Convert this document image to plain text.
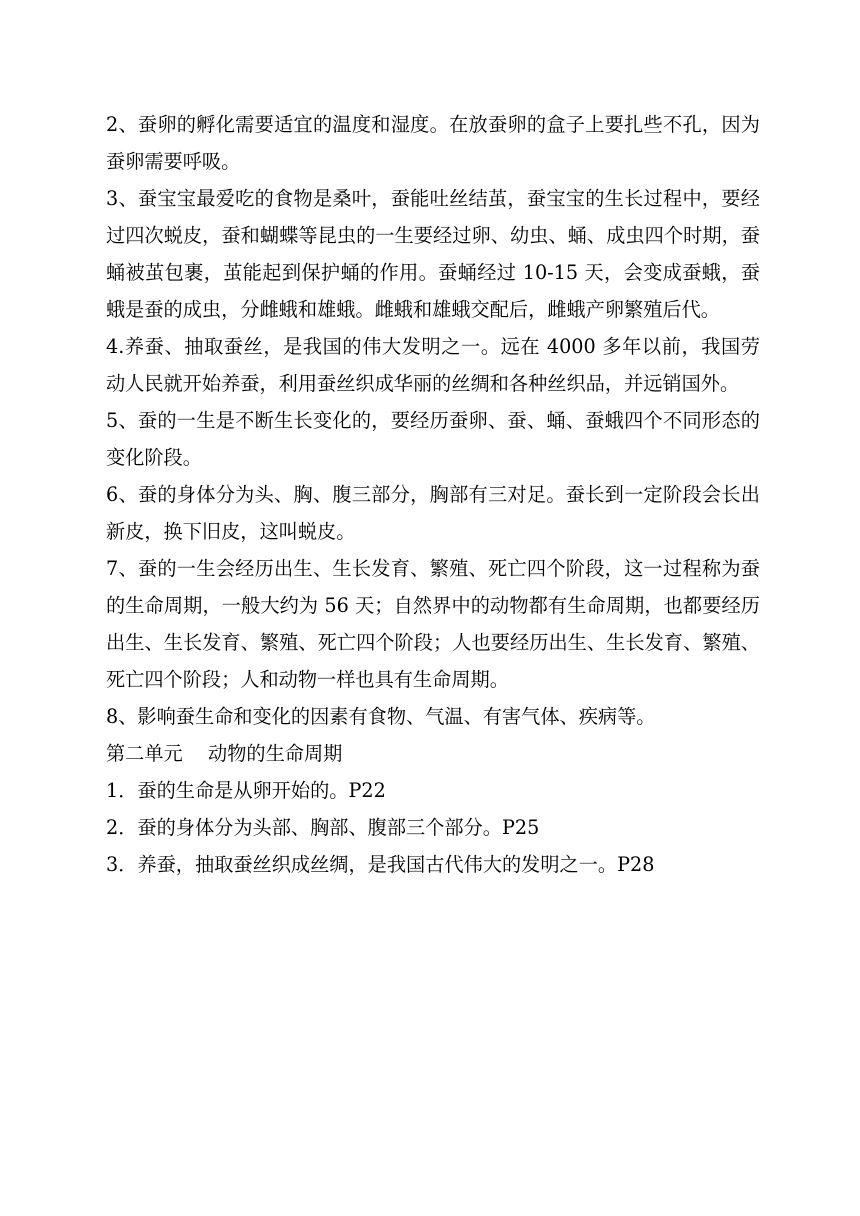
2、蚕卵的孵化需要适宜的温度和湿度。在放蚕卵的盒子上要扎些不孔，因为蚕卵需要呼吸。

3、蚕宝宝最爱吃的食物是桑叶，蚕能吐丝结茧，蚕宝宝的生长过程中，要经过四次蜕皮，蚕和蝴蝶等昆虫的一生要经过卵、幼虫、蛹、成虫四个时期，蚕蛹被茧包裹，茧能起到保护蛹的作用。蚕蛹经过 10-15 天，会变成蚕蛾，蚕蛾是蚕的成虫，分雌蛾和雄蛾。雌蛾和雄蛾交配后，雌蛾产卵繁殖后代。

4.养蚕、抽取蚕丝，是我国的伟大发明之一。远在 4000 多年以前，我国劳动人民就开始养蚕，利用蚕丝织成华丽的丝绸和各种丝织品，并远销国外。

5、蚕的一生是不断生长变化的，要经历蚕卵、蚕、蛹、蚕蛾四个不同形态的变化阶段。

6、蚕的身体分为头、胸、腹三部分，胸部有三对足。蚕长到一定阶段会长出新皮，换下旧皮，这叫蜕皮。

7、蚕的一生会经历出生、生长发育、繁殖、死亡四个阶段，这一过程称为蚕的生命周期，一般大约为 56 天；自然界中的动物都有生命周期，也都要经历出生、生长发育、繁殖、死亡四个阶段；人也要经历出生、生长发育、繁殖、死亡四个阶段；人和动物一样也具有生命周期。

8、影响蚕生命和变化的因素有食物、气温、有害气体、疾病等。

第二单元　 动物的生命周期

1．蚕的生命是从卵开始的。P22

2．蚕的身体分为头部、胸部、腹部三个部分。P25

3．养蚕，抽取蚕丝织成丝绸，是我国古代伟大的发明之一。P28
